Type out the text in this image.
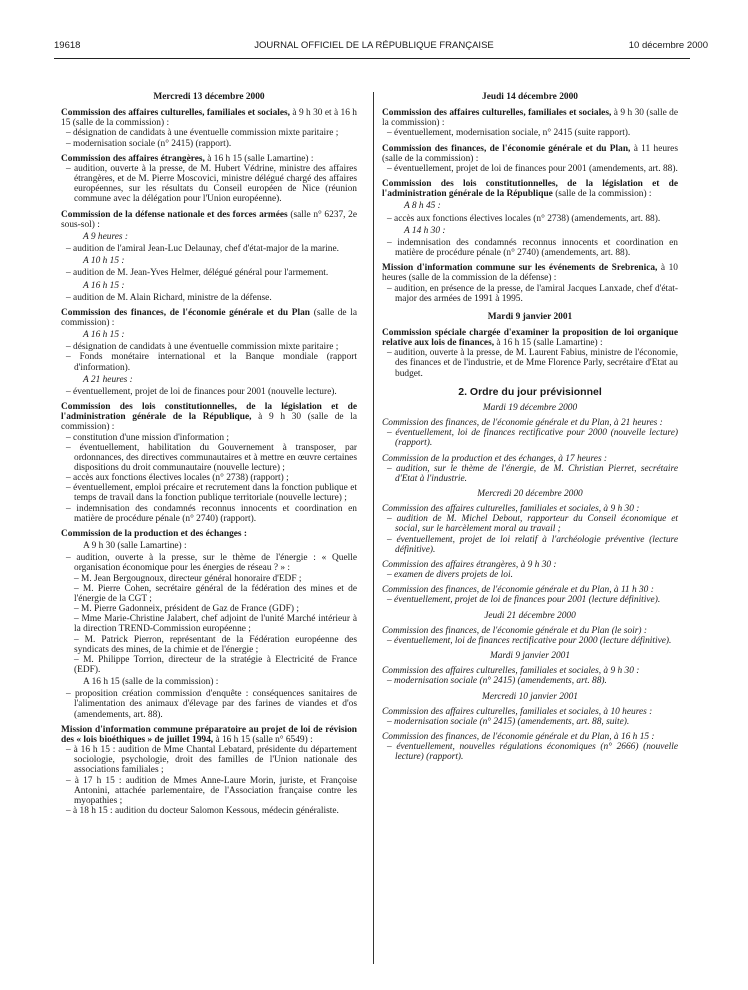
19618	JOURNAL OFFICIEL DE LA RÉPUBLIQUE FRANÇAISE	10 décembre 2000
Mercredi 13 décembre 2000
Commission des affaires culturelles, familiales et sociales, à 9 h 30 et à 16 h 15 (salle de la commission) :
– désignation de candidats à une éventuelle commission mixte paritaire ;
– modernisation sociale (n° 2415) (rapport).
Commission des affaires étrangères, à 16 h 15 (salle Lamartine) :
– audition, ouverte à la presse, de M. Hubert Védrine, ministre des affaires étrangères, et de M. Pierre Moscovici, ministre délégué chargé des affaires européennes, sur les résultats du Conseil européen de Nice (réunion commune avec la délégation pour l'Union européenne).
Commission de la défense nationale et des forces armées (salle n° 6237, 2e sous-sol) :
A 9 heures :
– audition de l'amiral Jean-Luc Delaunay, chef d'état-major de la marine.
A 10 h 15 :
– audition de M. Jean-Yves Helmer, délégué général pour l'armement.
A 16 h 15 :
– audition de M. Alain Richard, ministre de la défense.
Commission des finances, de l'économie générale et du Plan (salle de la commission) :
A 16 h 15 :
– désignation de candidats à une éventuelle commission mixte paritaire ;
– Fonds monétaire international et la Banque mondiale (rapport d'information).
A 21 heures :
– éventuellement, projet de loi de finances pour 2001 (nouvelle lecture).
Commission des lois constitutionnelles, de la législation et de l'administration générale de la République, à 9 h 30 (salle de la commission) :
– constitution d'une mission d'information ;
– éventuellement, habilitation du Gouvernement à transposer, par ordonnances, des directives communautaires et à mettre en œuvre certaines dispositions du droit communautaire (nouvelle lecture) ;
– accès aux fonctions électives locales (n° 2738) (rapport) ;
– éventuellement, emploi précaire et recrutement dans la fonction publique et temps de travail dans la fonction publique territoriale (nouvelle lecture) ;
– indemnisation des condamnés reconnus innocents et coordination en matière de procédure pénale (n° 2740) (rapport).
Commission de la production et des échanges :
A 9 h 30 (salle Lamartine) :
– audition, ouverte à la presse, sur le thème de l'énergie : « Quelle organisation économique pour les énergies de réseau ? » :
– M. Jean Bergougnoux, directeur général honoraire d'EDF ;
– M. Pierre Cohen, secrétaire général de la fédération des mines et de l'énergie de la CGT ;
– M. Pierre Gadonneix, président de Gaz de France (GDF) ;
– Mme Marie-Christine Jalabert, chef adjoint de l'unité Marché intérieur à la direction TREND-Commission européenne ;
– M. Patrick Pierron, représentant de la Fédération européenne des syndicats des mines, de la chimie et de l'énergie ;
– M. Philippe Torrion, directeur de la stratégie à Electricité de France (EDF).
A 16 h 15 (salle de la commission) :
– proposition création commission d'enquête : conséquences sanitaires de l'alimentation des animaux d'élevage par des farines de viandes et d'os (amendements, art. 88).
Mission d'information commune préparatoire au projet de loi de révision des « lois bioéthiques » de juillet 1994, à 16 h 15 (salle n° 6549) :
– à 16 h 15 : audition de Mme Chantal Lebatard, présidente du département sociologie, psychologie, droit des familles de l'Union nationale des associations familiales ;
– à 17 h 15 : audition de Mmes Anne-Laure Morin, juriste, et Françoise Antonini, attachée parlementaire, de l'Association française contre les myopathies ;
– à 18 h 15 : audition du docteur Salomon Kessous, médecin généraliste.
Jeudi 14 décembre 2000
Commission des affaires culturelles, familiales et sociales, à 9 h 30 (salle de la commission) :
– éventuellement, modernisation sociale, n° 2415 (suite rapport).
Commission des finances, de l'économie générale et du Plan, à 11 heures (salle de la commission) :
– éventuellement, projet de loi de finances pour 2001 (amendements, art. 88).
Commission des lois constitutionnelles, de la législation et de l'administration générale de la République (salle de la commission) :
A 8 h 45 :
– accès aux fonctions électives locales (n° 2738) (amendements, art. 88).
A 14 h 30 :
– indemnisation des condamnés reconnus innocents et coordination en matière de procédure pénale (n° 2740) (amendements, art. 88).
Mission d'information commune sur les événements de Srebrenica, à 10 heures (salle de la commission de la défense) :
– audition, en présence de la presse, de l'amiral Jacques Lanxade, chef d'état-major des armées de 1991 à 1995.
Mardi 9 janvier 2001
Commission spéciale chargée d'examiner la proposition de loi organique relative aux lois de finances, à 16 h 15 (salle Lamartine) :
– audition, ouverte à la presse, de M. Laurent Fabius, ministre de l'économie, des finances et de l'industrie, et de Mme Florence Parly, secrétaire d'Etat au budget.
2. Ordre du jour prévisionnel
Mardi 19 décembre 2000
Commission des finances, de l'économie générale et du Plan, à 21 heures :
– éventuellement, loi de finances rectificative pour 2000 (nouvelle lecture) (rapport).
Commission de la production et des échanges, à 17 heures :
– audition, sur le thème de l'énergie, de M. Christian Pierret, secrétaire d'Etat à l'industrie.
Mercredi 20 décembre 2000
Commission des affaires culturelles, familiales et sociales, à 9 h 30 :
– audition de M. Michel Debout, rapporteur du Conseil économique et social, sur le harcèlement moral au travail ;
– éventuellement, projet de loi relatif à l'archéologie préventive (lecture définitive).
Commission des affaires étrangères, à 9 h 30 :
– examen de divers projets de loi.
Commission des finances, de l'économie générale et du Plan, à 11 h 30 :
– éventuellement, projet de loi de finances pour 2001 (lecture définitive).
Jeudi 21 décembre 2000
Commission des finances, de l'économie générale et du Plan (le soir) :
– éventuellement, loi de finances rectificative pour 2000 (lecture définitive).
Mardi 9 janvier 2001
Commission des affaires culturelles, familiales et sociales, à 9 h 30 :
– modernisation sociale (n° 2415) (amendements, art. 88).
Mercredi 10 janvier 2001
Commission des affaires culturelles, familiales et sociales, à 10 heures :
– modernisation sociale (n° 2415) (amendements, art. 88, suite).
Commission des finances, de l'économie générale et du Plan, à 16 h 15 :
– éventuellement, nouvelles régulations économiques (n° 2666) (nouvelle lecture) (rapport).
